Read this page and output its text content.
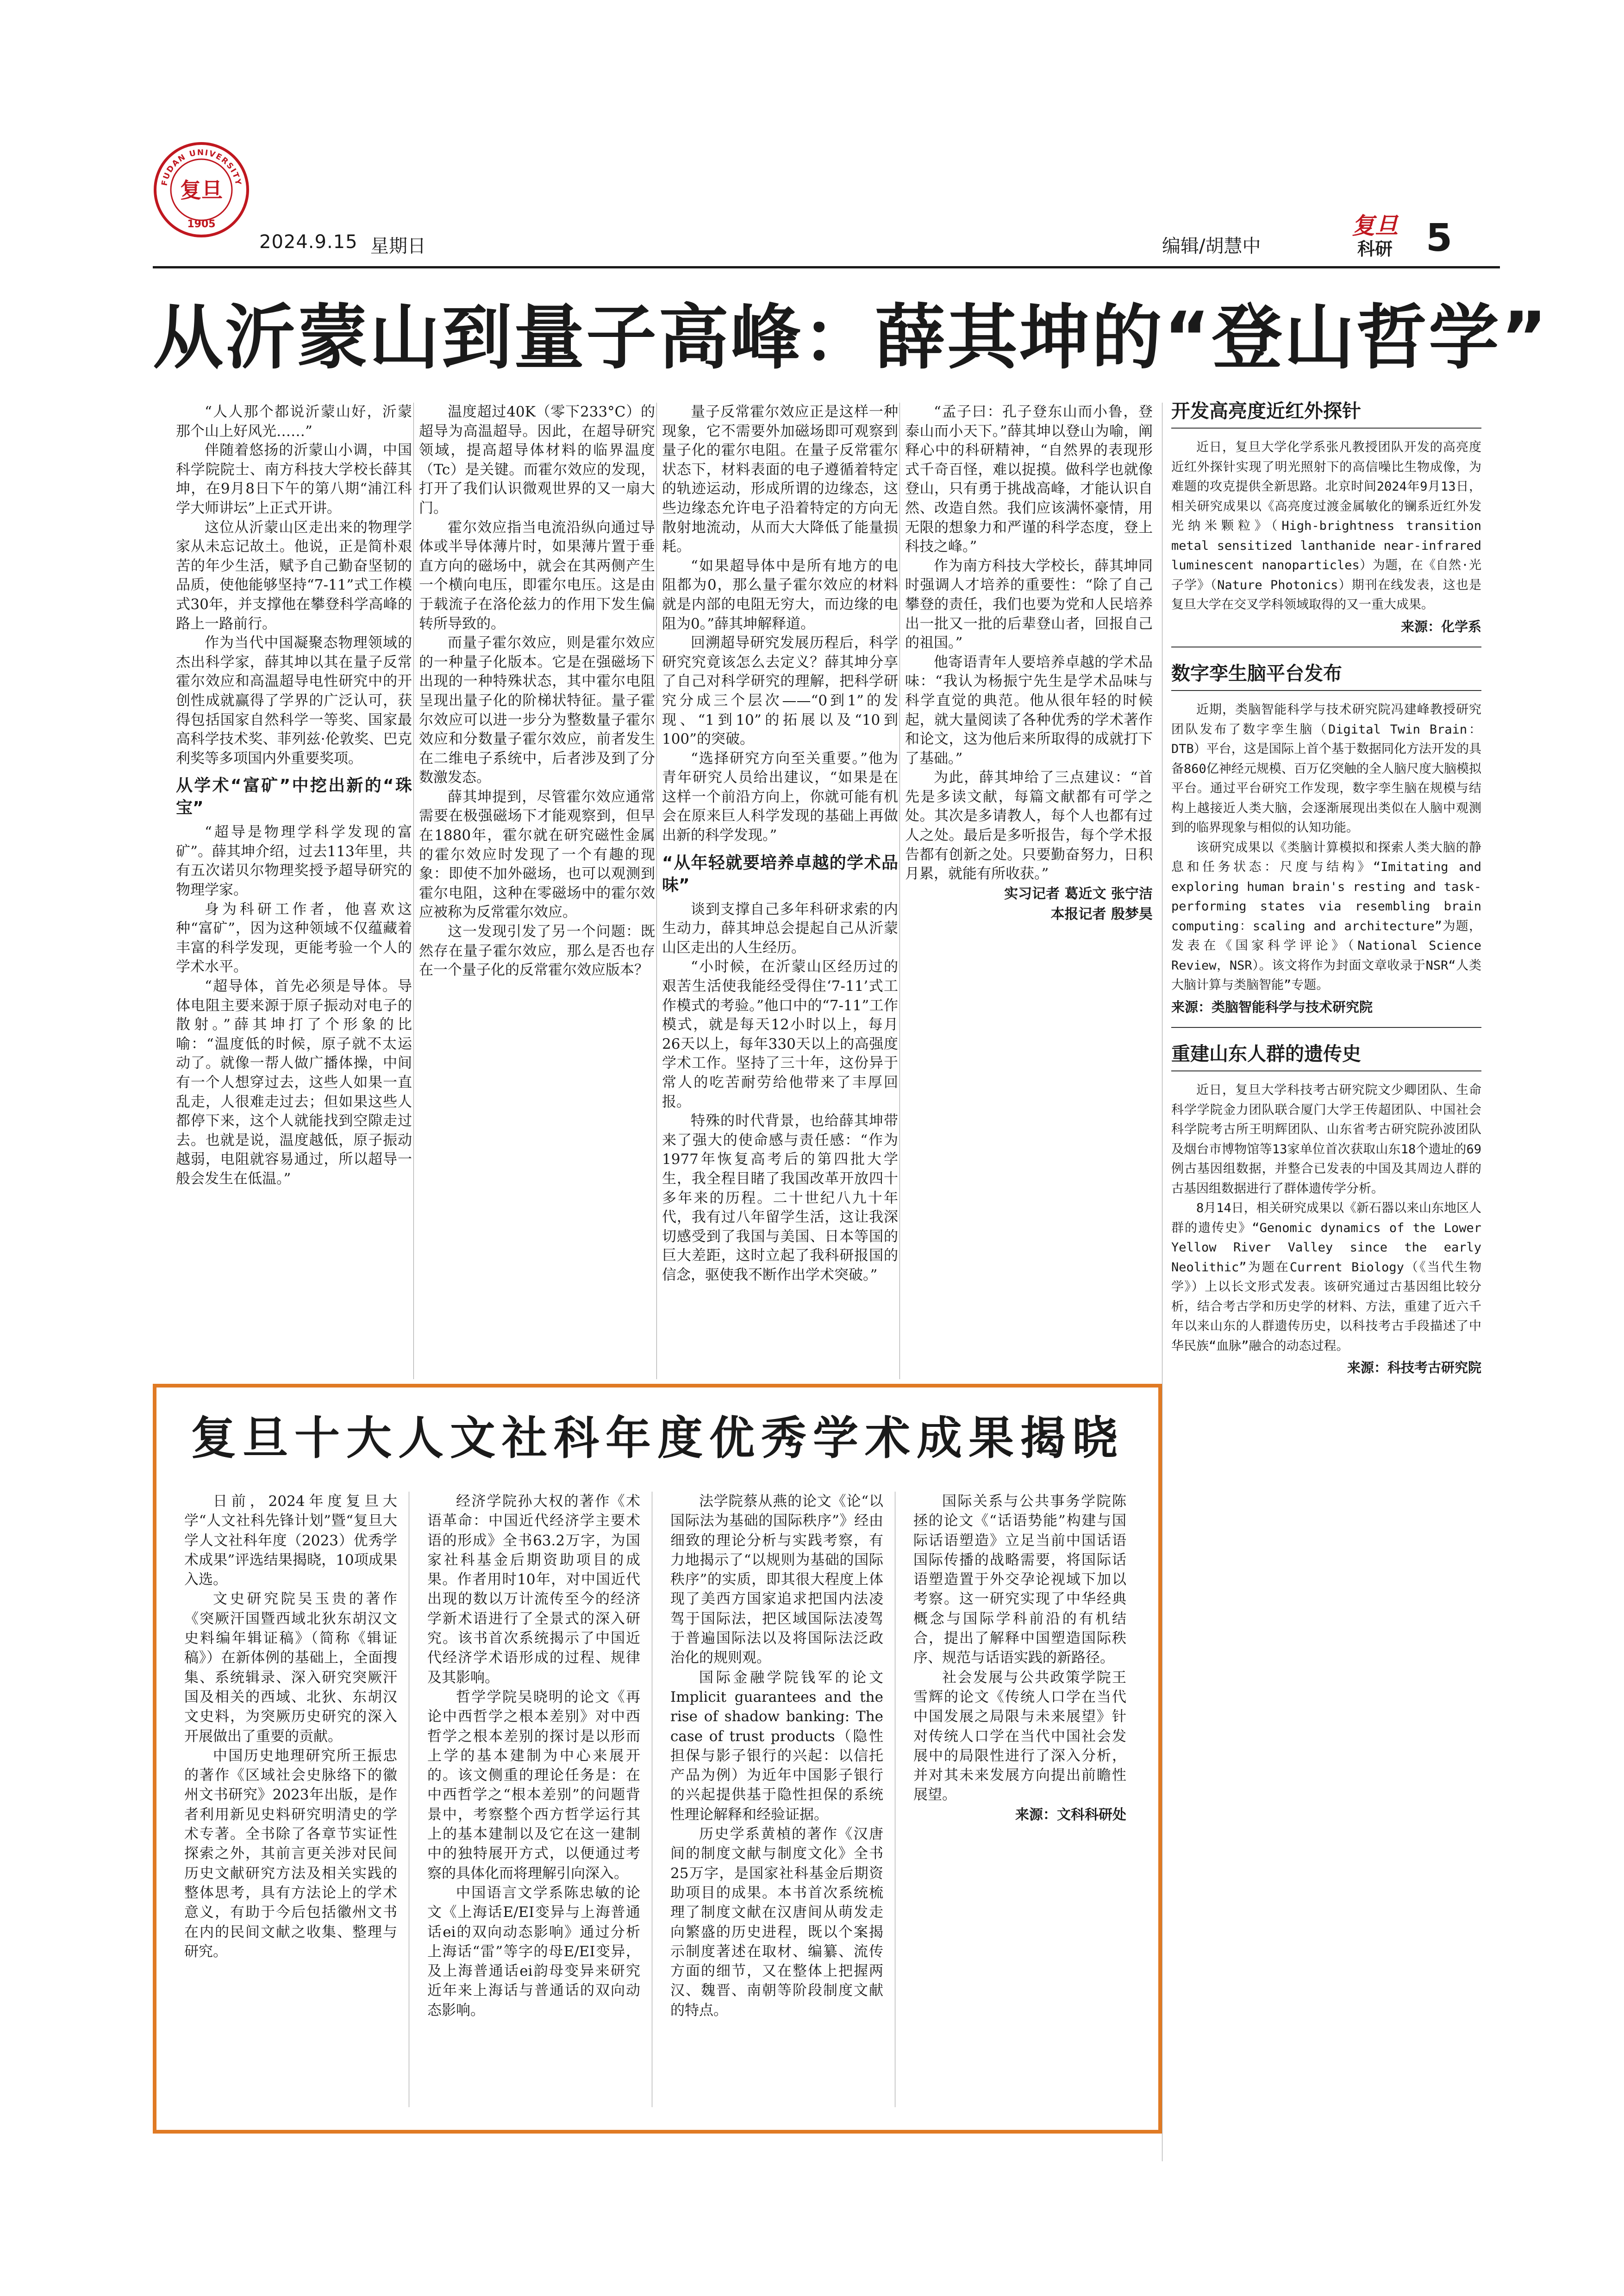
FUDAN UNIVERSITY
复旦
1905
2024.9.15 星期日	编辑/胡慧中
复旦
科研 5
从沂蒙山到量子高峰：薛其坤的“登山哲学”

“人人那个都说沂蒙山好，沂蒙那个山上好风光……”

伴随着悠扬的沂蒙山小调，中国科学院院士、南方科技大学校长薛其坤，在9月8日下午的第八期“浦江科学大师讲坛”上正式开讲。

这位从沂蒙山区走出来的物理学家从未忘记故土。他说，正是简朴艰苦的年少生活，赋予自己勤奋坚韧的品质，使他能够坚持“7-11”式工作模式30年，并支撑他在攀登科学高峰的路上一路前行。

作为当代中国凝聚态物理领域的杰出科学家，薛其坤以其在量子反常霍尔效应和高温超导电性研究中的开创性成就赢得了学界的广泛认可，获得包括国家自然科学一等奖、国家最高科学技术奖、菲列兹·伦敦奖、巴克利奖等多项国内外重要奖项。

从学术“富矿”中挖出新的“珠宝”

“超导是物理学科学发现的富矿”。薛其坤介绍，过去113年里，共有五次诺贝尔物理奖授予超导研究的物理学家。

身为科研工作者，他喜欢这种“富矿”，因为这种领域不仅蕴藏着丰富的科学发现，更能考验一个人的学术水平。

“超导体，首先必须是导体。导体电阻主要来源于原子振动对电子的散射。”薛其坤打了个形象的比喻：“温度低的时候，原子就不太运动了。就像一帮人做广播体操，中间有一个人想穿过去，这些人如果一直乱走，人很难走过去；但如果这些人都停下来，这个人就能找到空隙走过去。也就是说，温度越低，原子振动越弱，电阻就容易通过，所以超导一般会发生在低温。”

温度超过40K（零下233°C）的超导为高温超导。因此，在超导研究领域，提高超导体材料的临界温度（Tc）是关键。而霍尔效应的发现，打开了我们认识微观世界的又一扇大门。

霍尔效应指当电流沿纵向通过导体或半导体薄片时，如果薄片置于垂直方向的磁场中，就会在其两侧产生一个横向电压，即霍尔电压。这是由于载流子在洛伦兹力的作用下发生偏转所导致的。

而量子霍尔效应，则是霍尔效应的一种量子化版本。它是在强磁场下出现的一种特殊状态，其中霍尔电阻呈现出量子化的阶梯状特征。量子霍尔效应可以进一步分为整数量子霍尔效应和分数量子霍尔效应，前者发生在二维电子系统中，后者涉及到了分数激发态。

薛其坤提到，尽管霍尔效应通常需要在极强磁场下才能观察到，但早在1880年，霍尔就在研究磁性金属的霍尔效应时发现了一个有趣的现象：即使不加外磁场，也可以观测到霍尔电阻，这种在零磁场中的霍尔效应被称为反常霍尔效应。

这一发现引发了另一个问题：既然存在量子霍尔效应，那么是否也存在一个量子化的反常霍尔效应版本？

量子反常霍尔效应正是这样一种现象，它不需要外加磁场即可观察到量子化的霍尔电阻。在量子反常霍尔状态下，材料表面的电子遵循着特定的轨迹运动，形成所谓的边缘态，这些边缘态允许电子沿着特定的方向无散射地流动，从而大大降低了能量损耗。

“如果超导体中是所有地方的电阻都为0，那么量子霍尔效应的材料就是内部的电阻无穷大，而边缘的电阻为0。”薛其坤解释道。

回溯超导研究发展历程后，科学研究究竟该怎么去定义？薛其坤分享了自己对科学研究的理解，把科学研究分成三个层次——“0到1”的发现、“1到10”的拓展以及“10到100”的突破。

“选择研究方向至关重要。”他为青年研究人员给出建议，“如果是在这样一个前沿方向上，你就可能有机会在原来巨人科学发现的基础上再做出新的科学发现。”

“从年轻就要培养卓越的学术品味”

谈到支撑自己多年科研求索的内生动力，薛其坤总会提起自己从沂蒙山区走出的人生经历。

“小时候，在沂蒙山区经历过的艰苦生活使我能经受得住‘7-11’式工作模式的考验。”他口中的“7-11”工作模式，就是每天12小时以上，每月26天以上，每年330天以上的高强度学术工作。坚持了三十年，这份异于常人的吃苦耐劳给他带来了丰厚回报。

特殊的时代背景，也给薛其坤带来了强大的使命感与责任感：“作为1977年恢复高考后的第四批大学生，我全程目睹了我国改革开放四十多年来的历程。二十世纪八九十年代，我有过八年留学生活，这让我深切感受到了我国与美国、日本等国的巨大差距，这时立起了我科研报国的信念，驱使我不断作出学术突破。”

“孟子曰：孔子登东山而小鲁，登泰山而小天下。”薛其坤以登山为喻，阐释心中的科研精神，“自然界的表现形式千奇百怪，难以捉摸。做科学也就像登山，只有勇于挑战高峰，才能认识自然、改造自然。我们应该满怀豪情，用无限的想象力和严谨的科学态度，登上科技之峰。”

作为南方科技大学校长，薛其坤同时强调人才培养的重要性：“除了自己攀登的责任，我们也要为党和人民培养出一批又一批的后辈登山者，回报自己的祖国。”

他寄语青年人要培养卓越的学术品味：“我认为杨振宁先生是学术品味与科学直觉的典范。他从很年轻的时候起，就大量阅读了各种优秀的学术著作和论文，这为他后来所取得的成就打下了基础。”

为此，薛其坤给了三点建议：“首先是多读文献，每篇文献都有可学之处。其次是多请教人，每个人也都有过人之处。最后是多听报告，每个学术报告都有创新之处。只要勤奋努力，日积月累，就能有所收获。”

实习记者 葛近文 张宁洁

本报记者 殷梦昊

开发高亮度近红外探针

近日，复旦大学化学系张凡教授团队开发的高亮度近红外探针实现了明光照射下的高信噪比生物成像，为难题的攻克提供全新思路。北京时间2024年9月13日，相关研究成果以《高亮度过渡金属敏化的镧系近红外发光纳米颗粒》（High-brightness transition metal sensitized lanthanide near-infrared luminescent nanoparticles）为题，在《自然·光子学》（Nature Photonics）期刊在线发表，这也是复旦大学在交叉学科领域取得的又一重大成果。

来源：化学系

数字孪生脑平台发布

近期，类脑智能科学与技术研究院冯建峰教授研究团队发布了数字孪生脑（Digital Twin Brain：DTB）平台，这是国际上首个基于数据同化方法开发的具备860亿神经元规模、百万亿突触的全人脑尺度大脑模拟平台。通过平台研究工作发现，数字孪生脑在规模与结构上越接近人类大脑，会逐渐展现出类似在人脑中观测到的临界现象与相似的认知功能。

该研究成果以《类脑计算模拟和探索人类大脑的静息和任务状态：尺度与结构》“Imitating and exploring human brain's resting and task-performing states via resembling brain computing：scaling and architecture”为题，发表在《国家科学评论》（National Science Review，NSR）。该文将作为封面文章收录于NSR“人类大脑计算与类脑智能”专题。

来源：类脑智能科学与技术研究院

重建山东人群的遗传史

近日，复旦大学科技考古研究院文少卿团队、生命科学学院金力团队联合厦门大学王传超团队、中国社会科学院考古所王明辉团队、山东省考古研究院孙波团队及烟台市博物馆等13家单位首次获取山东18个遗址的69例古基因组数据，并整合已发表的中国及其周边人群的古基因组数据进行了群体遗传学分析。

8月14日，相关研究成果以《新石器以来山东地区人群的遗传史》“Genomic dynamics of the Lower Yellow River Valley since the early Neolithic”为题在Current Biology（《当代生物学》）上以长文形式发表。该研究通过古基因组比较分析，结合考古学和历史学的材料、方法，重建了近六千年以来山东的人群遗传历史，以科技考古手段描述了中华民族“血脉”融合的动态过程。

来源：科技考古研究院

复旦十大人文社科年度优秀学术成果揭晓

日前，2024年度复旦大学“人文社科先锋计划”暨“复旦大学人文社科年度（2023）优秀学术成果”评选结果揭晓，10项成果入选。

文史研究院吴玉贵的著作《突厥汗国暨西域北狄东胡汉文史料编年辑证稿》（简称《辑证稿》）在新体例的基础上，全面搜集、系统辑录、深入研究突厥汗国及相关的西域、北狄、东胡汉文史料，为突厥历史研究的深入开展做出了重要的贡献。

中国历史地理研究所王振忠的著作《区域社会史脉络下的徽州文书研究》2023年出版，是作者利用新见史料研究明清史的学术专著。全书除了各章节实证性探索之外，其前言更关涉对民间历史文献研究方法及相关实践的整体思考，具有方法论上的学术意义，有助于今后包括徽州文书在内的民间文献之收集、整理与研究。

经济学院孙大权的著作《术语革命：中国近代经济学主要术语的形成》全书63.2万字，为国家社科基金后期资助项目的成果。作者用时10年，对中国近代出现的数以万计流传至今的经济学新术语进行了全景式的深入研究。该书首次系统揭示了中国近代经济学术语形成的过程、规律及其影响。

哲学学院吴晓明的论文《再论中西哲学之根本差别》对中西哲学之根本差别的探讨是以形而上学的基本建制为中心来展开的。该文侧重的理论任务是：在中西哲学之“根本差别”的问题背景中，考察整个西方哲学运行其上的基本建制以及它在这一建制中的独特展开方式，以便通过考察的具体化而将理解引向深入。

中国语言文学系陈忠敏的论文《上海话E/EI变异与上海普通话ei的双向动态影响》通过分析上海话“雷”等字的母E/EI变异，及上海普通话ei韵母变异来研究近年来上海话与普通话的双向动态影响。

法学院蔡从燕的论文《论“以国际法为基础的国际秩序”》经由细致的理论分析与实践考察，有力地揭示了“以规则为基础的国际秩序”的实质，即其很大程度上体现了美西方国家追求把国内法凌驾于国际法，把区域国际法凌驾于普遍国际法以及将国际法泛政治化的规则观。

国际金融学院钱军的论文Implicit guarantees and the rise of shadow banking: The case of trust products（隐性担保与影子银行的兴起：以信托产品为例）为近年中国影子银行的兴起提供基于隐性担保的系统性理论解释和经验证据。

历史学系黄楨的著作《汉唐间的制度文献与制度文化》全书25万字，是国家社科基金后期资助项目的成果。本书首次系统梳理了制度文献在汉唐间从萌发走向繁盛的历史进程，既以个案揭示制度著述在取材、编纂、流传方面的细节，又在整体上把握两汉、魏晋、南朝等阶段制度文献的特点。

国际关系与公共事务学院陈拯的论文《“话语势能”构建与国际话语塑造》立足当前中国话语国际传播的战略需要，将国际话语塑造置于外交孕论视域下加以考察。这一研究实现了中华经典概念与国际学科前沿的有机结合，提出了解释中国塑造国际秩序、规范与话语实践的新路径。

社会发展与公共政策学院王雪辉的论文《传统人口学在当代中国发展之局限与未来展望》针对传统人口学在当代中国社会发展中的局限性进行了深入分析，并对其未来发展方向提出前瞻性展望。

来源：文科科研处
